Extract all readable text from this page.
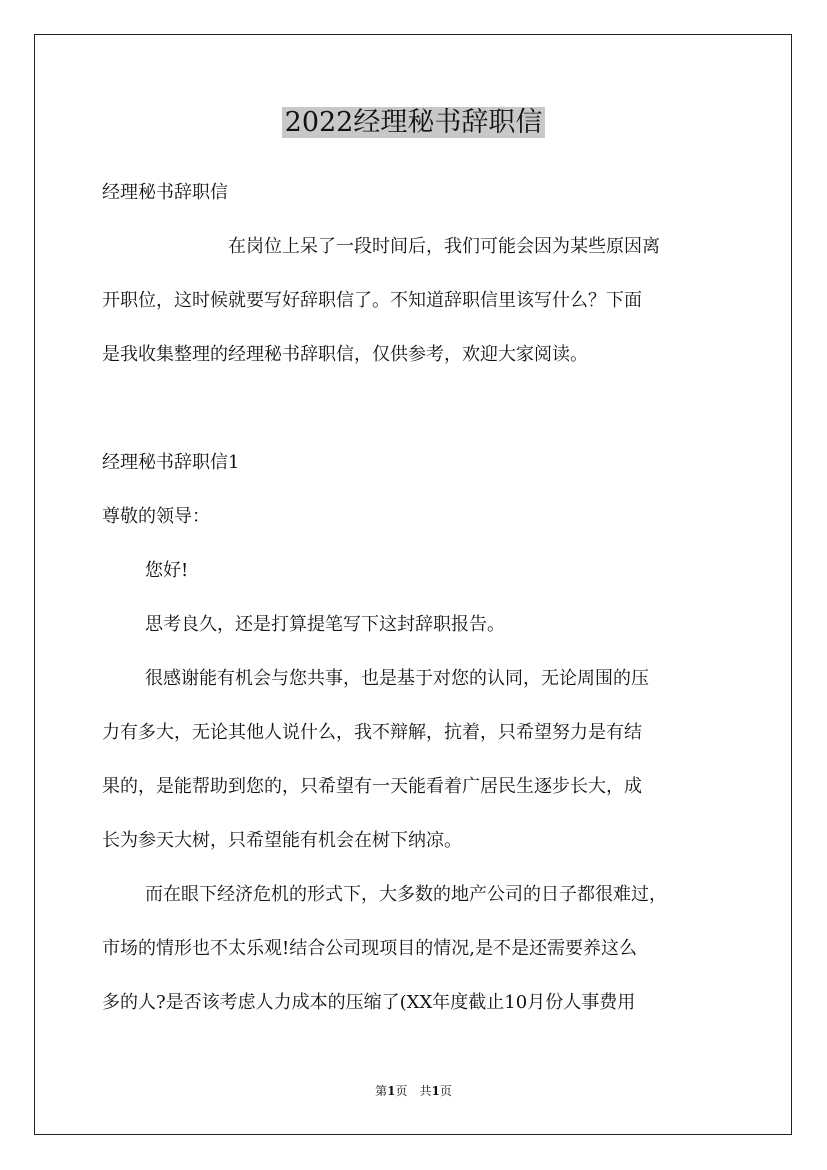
2022经理秘书辞职信

经理秘书辞职信

在岗位上呆了一段时间后，我们可能会因为某些原因离

开职位，这时候就要写好辞职信了。不知道辞职信里该写什么？下面

是我收集整理的经理秘书辞职信，仅供参考，欢迎大家阅读。

经理秘书辞职信1

尊敬的领导：

您好!

思考良久，还是打算提笔写下这封辞职报告。

很感谢能有机会与您共事，也是基于对您的认同，无论周围的压

力有多大，无论其他人说什么，我不辩解，抗着，只希望努力是有结

果的，是能帮助到您的，只希望有一天能看着广居民生逐步长大，成

长为参天大树，只希望能有机会在树下纳凉。

而在眼下经济危机的形式下，大多数的地产公司的日子都很难过，

市场的情形也不太乐观!结合公司现项目的情况,是不是还需要养这么

多的人?是否该考虑人力成本的压缩了(XX年度截止10月份人事费用

第1页　共1页
